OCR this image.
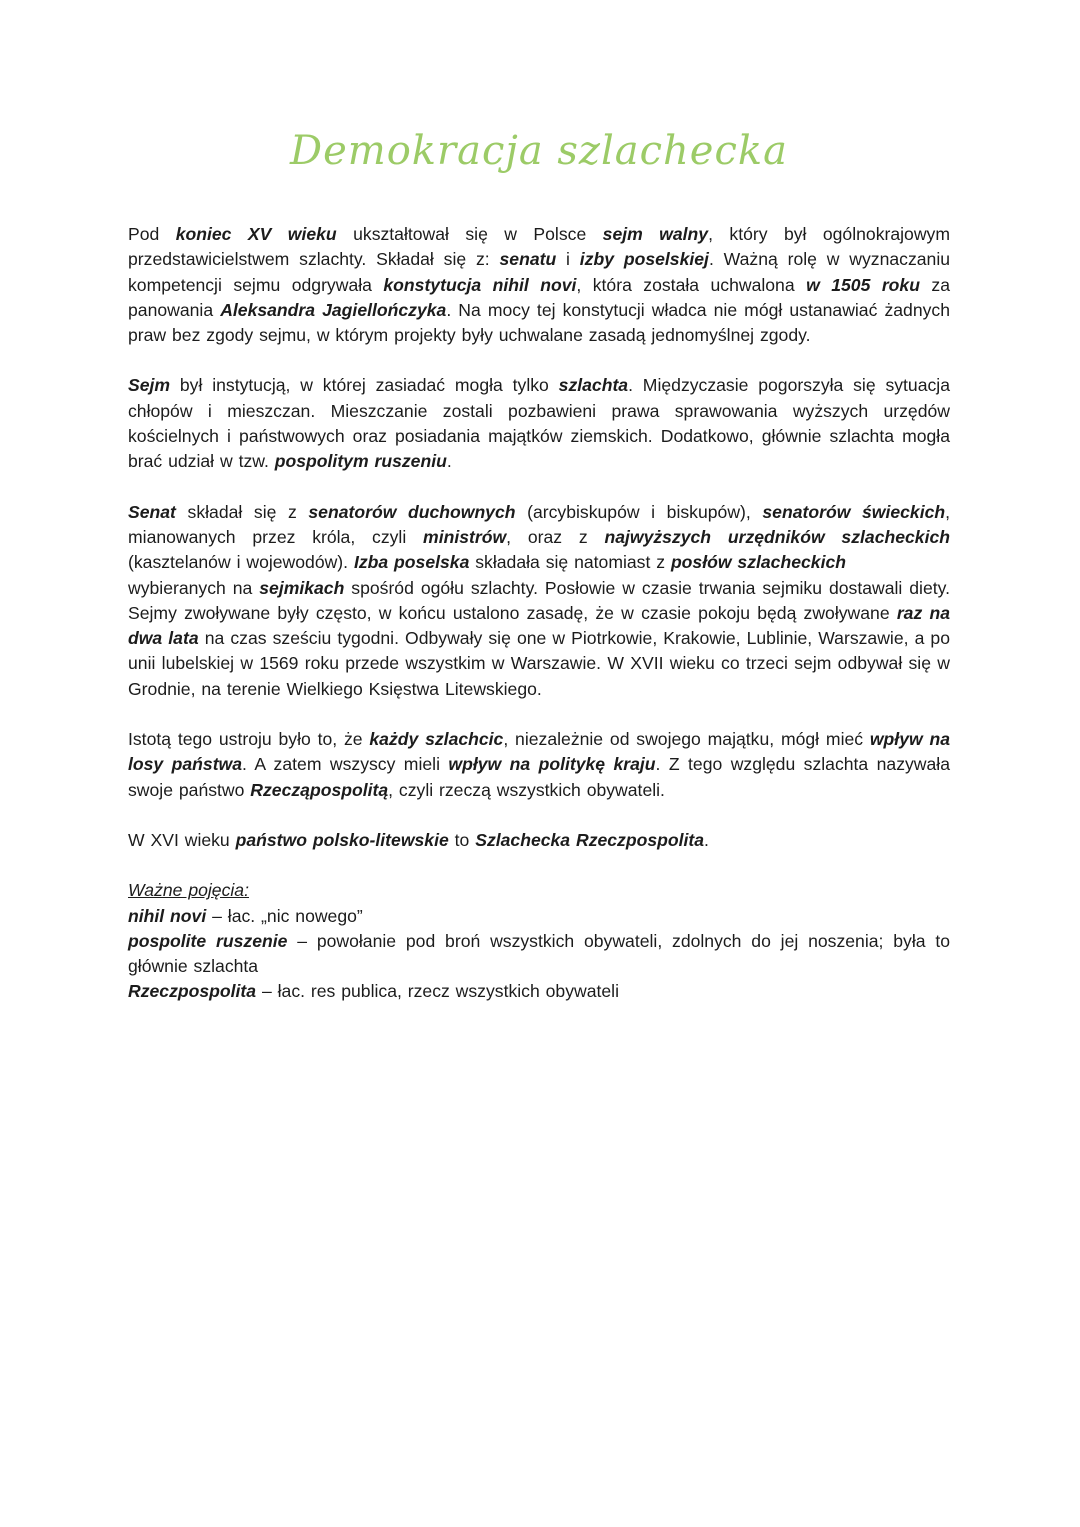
Demokracja szlachecka

Pod koniec XV wieku ukształtował się w Polsce sejm walny, który był ogólnokrajowym przedstawicielstwem szlachty. Składał się z: senatu i izby poselskiej. Ważną rolę w wyznaczaniu kompetencji sejmu odgrywała konstytucja nihil novi, która została uchwalona w 1505 roku za panowania Aleksandra Jagiellończyka. Na mocy tej konstytucji władca nie mógł ustanawiać żadnych praw bez zgody sejmu, w którym projekty były uchwalane zasadą jednomyślnej zgody.

Sejm był instytucją, w której zasiadać mogła tylko szlachta. Międzyczasie pogorszyła się sytuacja chłopów i mieszczan. Mieszczanie zostali pozbawieni prawa sprawowania wyższych urzędów kościelnych i państwowych oraz posiadania majątków ziemskich. Dodatkowo, głównie szlachta mogła brać udział w tzw. pospolitym ruszeniu.

Senat składał się z senatorów duchownych (arcybiskupów i biskupów), senatorów świeckich, mianowanych przez króla, czyli ministrów, oraz z najwyższych urzędników szlacheckich (kasztelanów i wojewodów). Izba poselska składała się natomiast z posłów szlacheckich
wybieranych na sejmikach spośród ogółu szlachty. Posłowie w czasie trwania sejmiku dostawali diety. Sejmy zwoływane były często, w końcu ustalono zasadę, że w czasie pokoju będą zwoływane raz na dwa lata na czas sześciu tygodni. Odbywały się one w Piotrkowie, Krakowie, Lublinie, Warszawie, a po unii lubelskiej w 1569 roku przede wszystkim w Warszawie. W XVII wieku co trzeci sejm odbywał się w Grodnie, na terenie Wielkiego Księstwa Litewskiego.

Istotą tego ustroju było to, że każdy szlachcic, niezależnie od swojego majątku, mógł mieć wpływ na losy państwa. A zatem wszyscy mieli wpływ na politykę kraju. Z tego względu szlachta nazywała swoje państwo Rzecząpospolitą, czyli rzeczą wszystkich obywateli.

W XVI wieku państwo polsko-litewskie to Szlachecka Rzeczpospolita.

Ważne pojęcia:
nihil novi – łac. „nic nowego”
pospolite ruszenie – powołanie pod broń wszystkich obywateli, zdolnych do jej noszenia; była to głównie szlachta
Rzeczpospolita – łac. res publica, rzecz wszystkich obywateli
